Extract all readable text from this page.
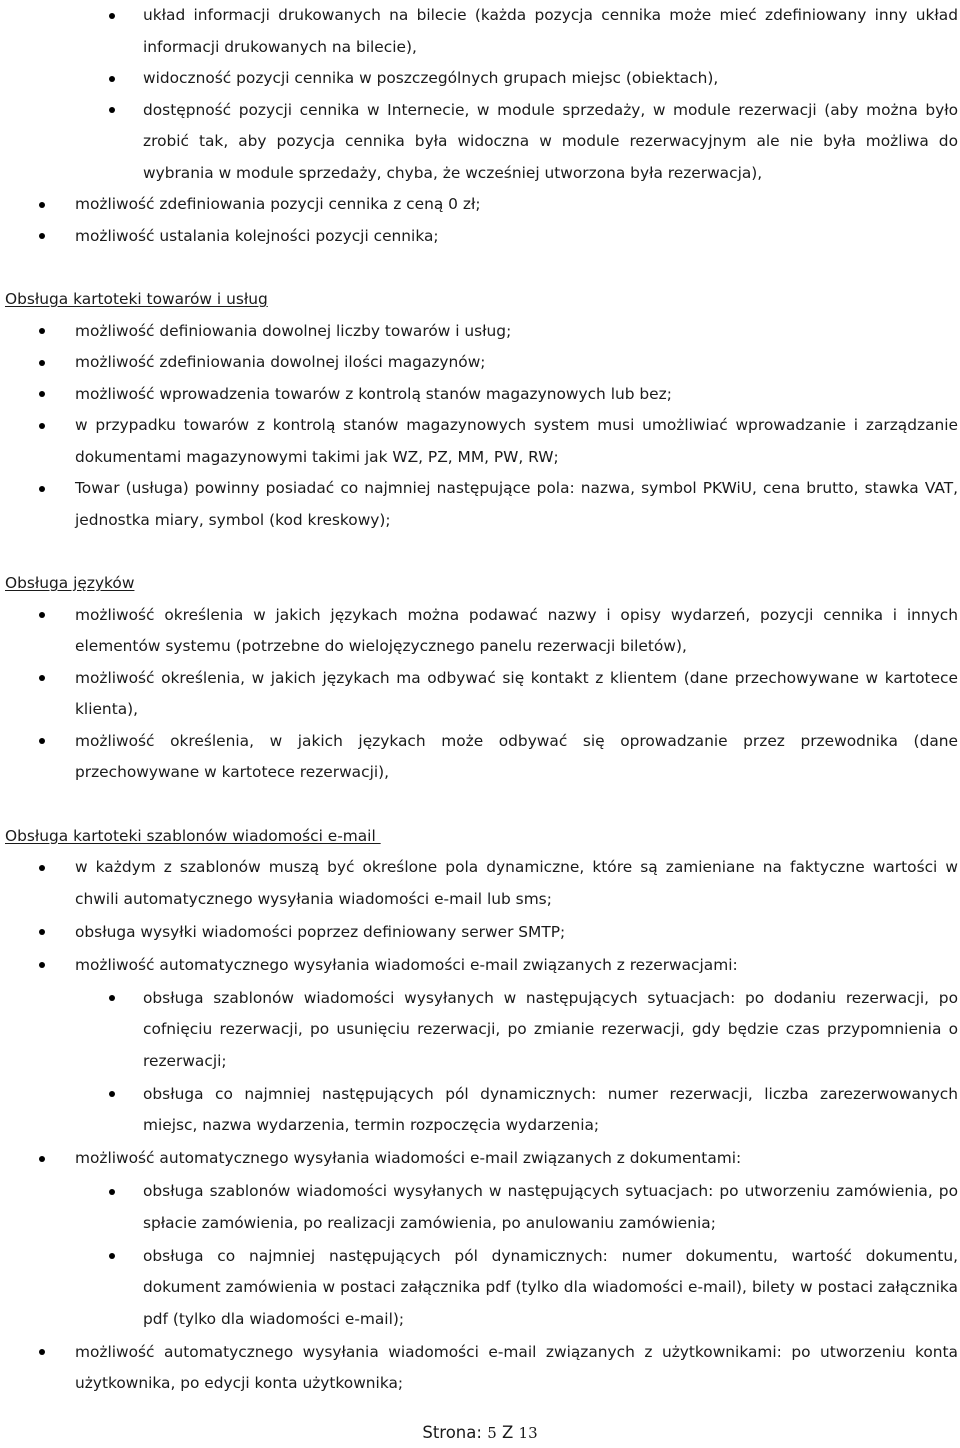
układ informacji drukowanych na bilecie (każda pozycja cennika może mieć zdefiniowany inny układ informacji drukowanych na bilecie),
widoczność pozycji cennika w poszczególnych grupach miejsc (obiektach),
dostępność pozycji cennika w Internecie, w module sprzedaży, w module rezerwacji (aby można było zrobić tak, aby pozycja cennika była widoczna w module rezerwacyjnym ale nie była możliwa do wybrania w module sprzedaży, chyba, że wcześniej utworzona była rezerwacja),
możliwość zdefiniowania pozycji cennika z ceną 0 zł;
możliwość ustalania kolejności pozycji cennika;
Obsługa kartoteki towarów i usług
możliwość definiowania dowolnej liczby towarów i usług;
możliwość zdefiniowania dowolnej ilości magazynów;
możliwość wprowadzenia towarów z kontrolą stanów magazynowych lub bez;
w przypadku towarów z kontrolą stanów magazynowych system musi umożliwiać wprowadzanie i zarządzanie dokumentami magazynowymi takimi jak WZ, PZ, MM, PW, RW;
Towar (usługa) powinny posiadać co najmniej następujące pola: nazwa, symbol PKWiU, cena brutto, stawka VAT, jednostka miary, symbol (kod kreskowy);
Obsługa języków
możliwość określenia w jakich językach można podawać nazwy i opisy wydarzeń, pozycji cennika i innych elementów systemu (potrzebne do wielojęzycznego panelu rezerwacji biletów),
możliwość określenia, w jakich językach ma odbywać się kontakt z klientem (dane przechowywane w kartotece klienta),
możliwość określenia, w jakich językach może odbywać się oprowadzanie przez przewodnika (dane przechowywane w kartotece rezerwacji),
Obsługa kartoteki szablonów wiadomości e-mail
w każdym z szablonów muszą być określone pola dynamiczne, które są zamieniane na faktyczne wartości w chwili automatycznego wysyłania wiadomości e-mail lub sms;
obsługa wysyłki wiadomości poprzez definiowany serwer SMTP;
możliwość automatycznego wysyłania wiadomości e-mail związanych z rezerwacjami:
obsługa szablonów wiadomości wysyłanych w następujących sytuacjach: po dodaniu rezerwacji, po cofnięciu rezerwacji, po usunięciu rezerwacji, po zmianie rezerwacji, gdy będzie czas przypomnienia o rezerwacji;
obsługa co najmniej następujących pól dynamicznych: numer rezerwacji, liczba zarezerwowanych miejsc, nazwa wydarzenia, termin rozpoczęcia wydarzenia;
możliwość automatycznego wysyłania wiadomości e-mail związanych z dokumentami:
obsługa szablonów wiadomości wysyłanych w następujących sytuacjach: po utworzeniu zamówienia, po spłacie zamówienia, po realizacji zamówienia, po anulowaniu zamówienia;
obsługa co najmniej następujących pól dynamicznych: numer dokumentu, wartość dokumentu, dokument zamówienia w postaci załącznika pdf (tylko dla wiadomości e-mail), bilety w postaci załącznika pdf (tylko dla wiadomości e-mail);
możliwość automatycznego wysyłania wiadomości e-mail związanych z użytkownikami: po utworzeniu konta użytkownika, po edycji konta użytkownika;
Strona: 5 Z 13
